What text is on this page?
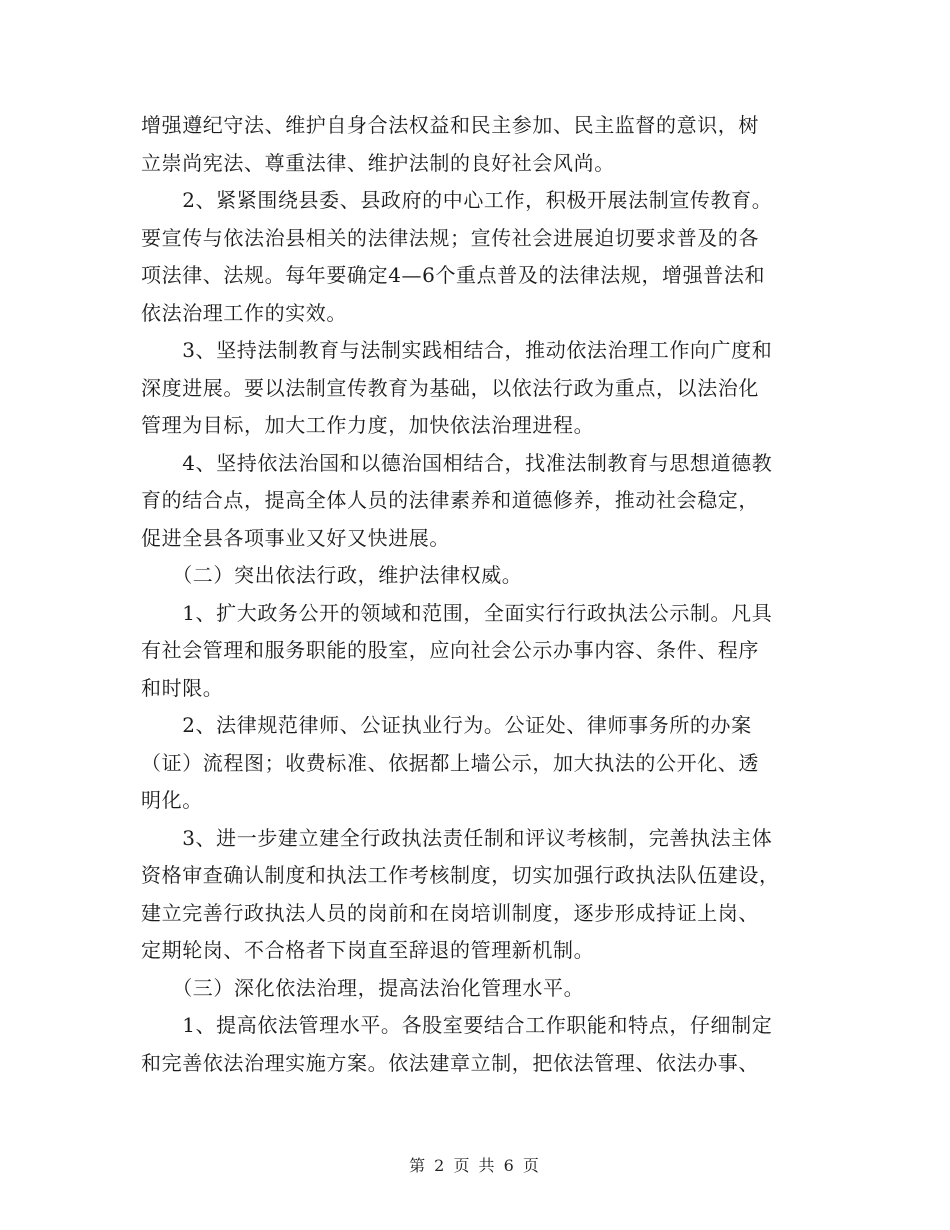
增强遵纪守法、维护自身合法权益和民主参加、民主监督的意识，树
立崇尚宪法、尊重法律、维护法制的良好社会风尚。
　　2、紧紧围绕县委、县政府的中心工作，积极开展法制宣传教育。
要宣传与依法治县相关的法律法规；宣传社会进展迫切要求普及的各
项法律、法规。每年要确定4—6个重点普及的法律法规，增强普法和
依法治理工作的实效。
　　3、坚持法制教育与法制实践相结合，推动依法治理工作向广度和
深度进展。要以法制宣传教育为基础，以依法行政为重点，以法治化
管理为目标，加大工作力度，加快依法治理进程。
　　4、坚持依法治国和以德治国相结合，找准法制教育与思想道德教
育的结合点，提高全体人员的法律素养和道德修养，推动社会稳定，
促进全县各项事业又好又快进展。
　　（二）突出依法行政，维护法律权威。
　　1、扩大政务公开的领域和范围，全面实行行政执法公示制。凡具
有社会管理和服务职能的股室，应向社会公示办事内容、条件、程序
和时限。
　　2、法律规范律师、公证执业行为。公证处、律师事务所的办案
（证）流程图；收费标准、依据都上墙公示，加大执法的公开化、透
明化。
　　3、进一步建立建全行政执法责任制和评议考核制，完善执法主体
资格审查确认制度和执法工作考核制度，切实加强行政执法队伍建设，
建立完善行政执法人员的岗前和在岗培训制度，逐步形成持证上岗、
定期轮岗、不合格者下岗直至辞退的管理新机制。
　　（三）深化依法治理，提高法治化管理水平。
　　1、提高依法管理水平。各股室要结合工作职能和特点，仔细制定
和完善依法治理实施方案。依法建章立制，把依法管理、依法办事、
第 2 页 共 6 页
